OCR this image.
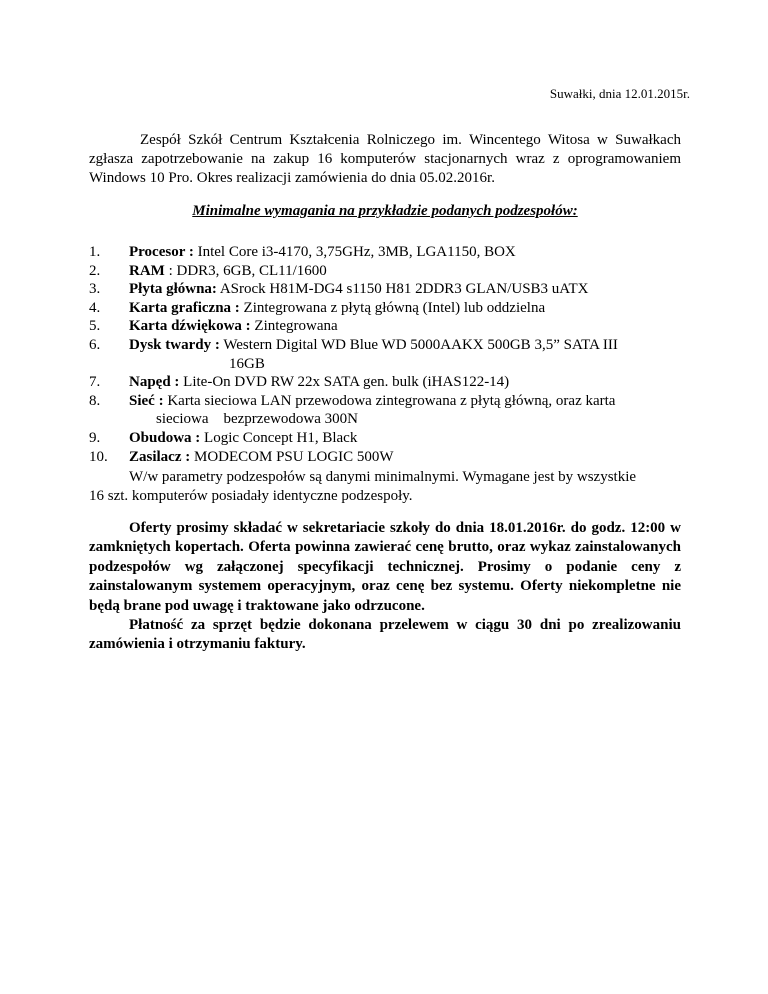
Suwałki, dnia 12.01.2015r.
Zespół Szkół Centrum Kształcenia Rolniczego im. Wincentego Witosa w Suwałkach
zgłasza zapotrzebowanie na zakup 16 komputerów stacjonarnych wraz z oprogramowaniem Windows 10 Pro. Okres realizacji zamówienia do dnia 05.02.2016r.
Minimalne wymagania na przykładzie podanych podzespołów:
1. Procesor : Intel Core i3-4170, 3,75GHz, 3MB, LGA1150, BOX
2. RAM : DDR3, 6GB, CL11/1600
3. Płyta główna: ASrock H81M-DG4 s1150 H81 2DDR3 GLAN/USB3 uATX
4. Karta graficzna : Zintegrowana z płytą główną (Intel) lub oddzielna
5. Karta dźwiękowa : Zintegrowana
6. Dysk twardy : Western Digital WD Blue WD 5000AAKX 500GB 3,5” SATA III
16GB
7. Napęd : Lite-On DVD RW 22x SATA gen. bulk (iHAS122-14)
8. Sieć : Karta sieciowa LAN przewodowa zintegrowana z płytą główną, oraz karta
sieciowa    bezprzewodowa 300N
9. Obudowa : Logic Concept H1, Black
10. Zasilacz : MODECOM PSU LOGIC 500W
W/w parametry podzespołów są danymi minimalnymi. Wymagane jest by wszystkie
16 szt. komputerów posiadały identyczne podzespoły.

Oferty prosimy składać w sekretariacie szkoły do dnia 18.01.2016r. do godz. 12:00 w zamkniętych kopertach. Oferta powinna zawierać cenę brutto, oraz wykaz zainstalowanych podzespołów wg załączonej specyfikacji technicznej. Prosimy o podanie ceny z zainstalowanym systemem operacyjnym, oraz cenę bez systemu. Oferty niekompletne nie będą brane pod uwagę i traktowane jako odrzucone.

Płatność za sprzęt będzie dokonana przelewem w ciągu 30 dni po zrealizowaniu zamówienia i otrzymaniu faktury.
